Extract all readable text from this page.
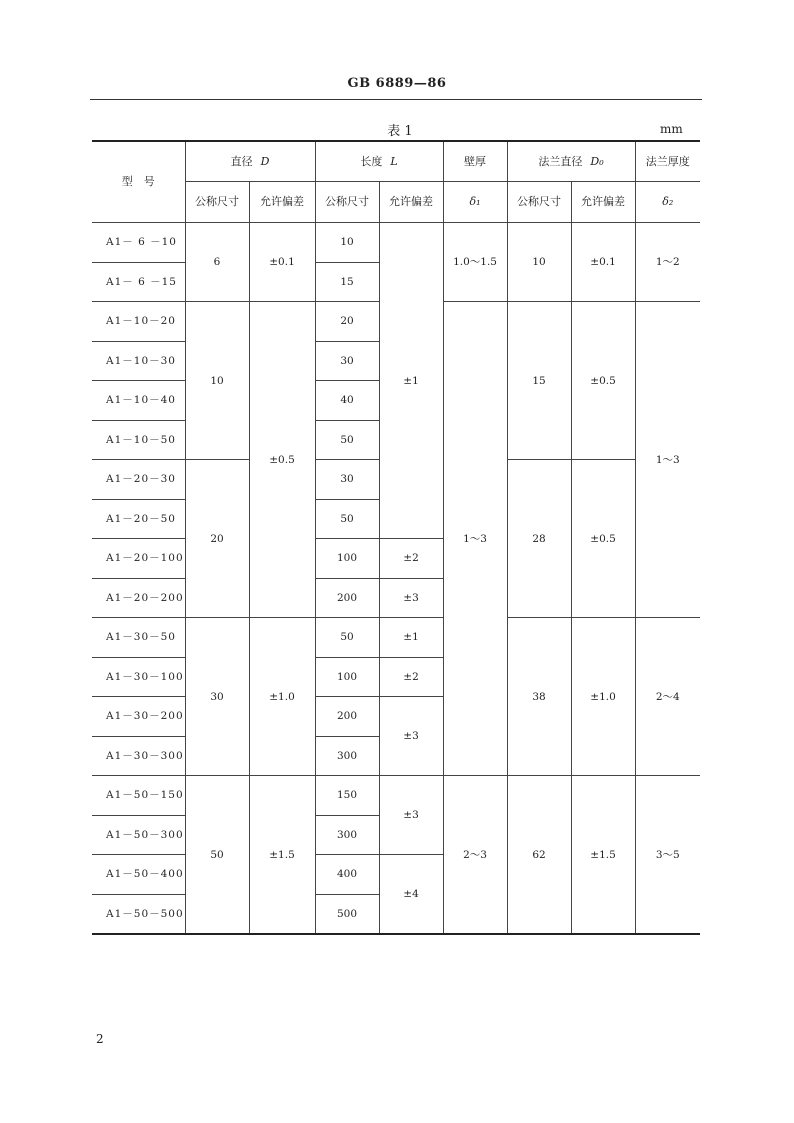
GB 6889—86
表 1	mm
型　号	直径 D		长度 L		壁厚	法兰直径 D₀		法兰厚度
	公称尺寸	允许偏差	公称尺寸	允许偏差	δ₁	公称尺寸	允许偏差	δ₂
A1－ 6 －10	6	±0.1	10	±1	1.0～1.5	10	±0.1	1～2
A1－ 6 －15			15					
A1－10－20	10	±0.5	20		1～3	15	±0.5	1～3
A1－10－30			30					
A1－10－40			40					
A1－10－50			50					
A1－20－30	20		30			28	±0.5	
A1－20－50			50					
A1－20－100			100	±2				
A1－20－200			200	±3				
A1－30－50	30	±1.0	50	±1		38	±1.0	2～4
A1－30－100			100	±2				
A1－30－200			200	±3				
A1－30－300			300					
A1－50－150	50	±1.5	150	±3	2～3	62	±1.5	3～5
A1－50－300			300					
A1－50－400			400	±4				
A1－50－500			500					
2
